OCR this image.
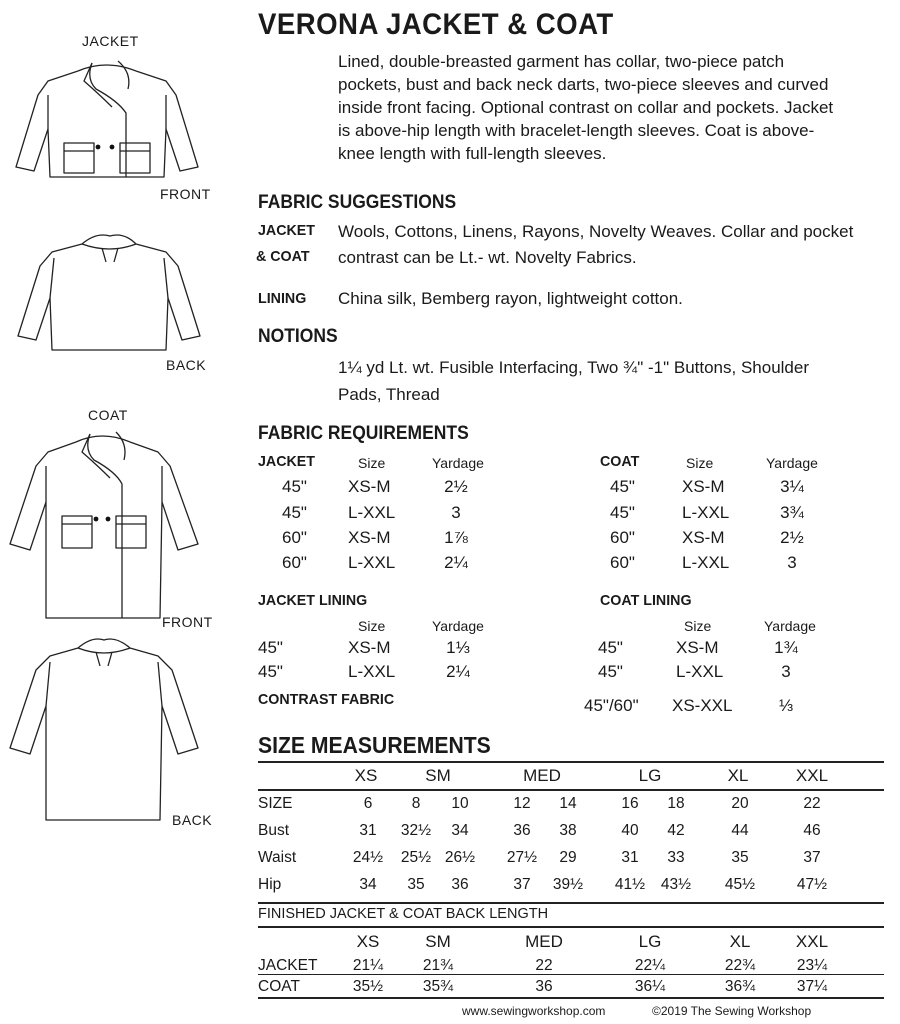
JACKET
FRONT
BACK
COAT
FRONT
BACK
VERONA JACKET & COAT
Lined, double-breasted garment has collar, two-piece patch
pockets, bust and back neck darts, two-piece sleeves and curved
inside front facing. Optional contrast on collar and pockets. Jacket
is above-hip length with bracelet-length sleeves. Coat is above-
knee length with full-length sleeves.
FABRIC SUGGESTIONS
JACKET
& COAT
Wools, Cottons, Linens, Rayons, Novelty Weaves. Collar and pocket
contrast can be Lt.- wt. Novelty Fabrics.
LINING China silk, Bemberg rayon, lightweight cotton.
NOTIONS
1¼ yd Lt. wt. Fusible Interfacing, Two ¾" -1" Buttons, Shoulder
Pads, Thread
FABRIC REQUIREMENTS
JACKET	Size	Yardage
45" XS-M	2½
45" L-XXL	3
60" XS-M	1⅞
60" L-XXL	2¼
COAT	Size	Yardage
45"	XS-M	3¼
45"	L-XXL	3¾
60"	XS-M	2½
60"	L-XXL	3
JACKET LINING
Size	Yardage
45"	XS-M	1⅓
45"	L-XXL	2¼
COAT LINING
Size	Yardage
45"	XS-M	1¾
45"	L-XXL	3
CONTRAST FABRIC	45"/60" XS-XXL	⅓
SIZE MEASUREMENTS
XS	SM	MED	LG	XL	XXL
SIZE	6	8	10	12	14	16	18	20	22
Bust	31	32½	34	36	38	40	42	44	46
Waist	24½	25½ 26½	27½	29	31	33	35	37
Hip	34	35	36	37	39½	41½	43½	45½	47½
FINISHED JACKET & COAT BACK LENGTH
XS	SM	MED	LG	XL	XXL
JACKET	21¼	21¾	22	22¼	22¾	23¼
COAT	35½	35¾	36	36¼	36¾	37¼
www.sewingworkshop.com	©2019 The Sewing Workshop
